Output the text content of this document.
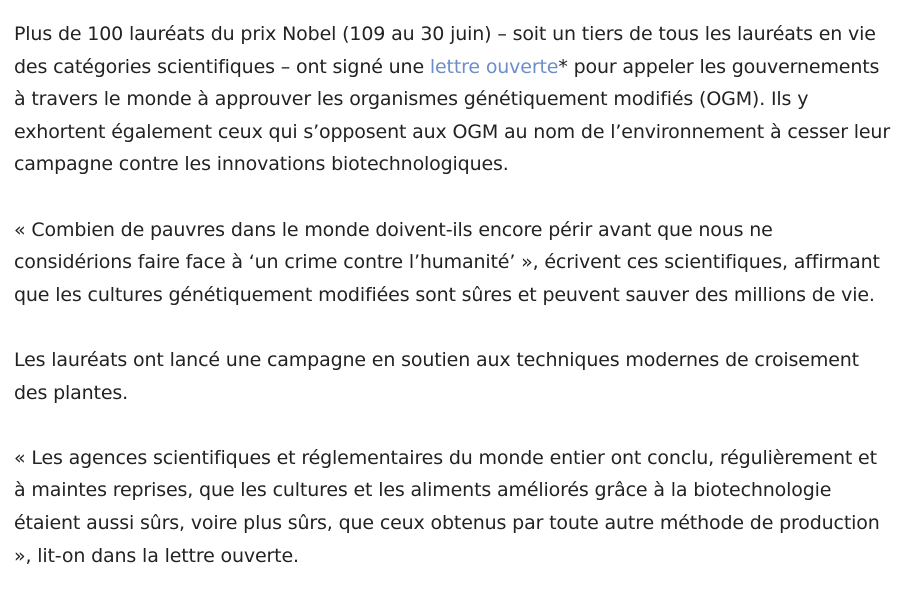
Plus de 100 lauréats du prix Nobel (109 au 30 juin) – soit un tiers de tous les lauréats en vie des catégories scientifiques – ont signé une lettre ouverte* pour appeler les gouvernements à travers le monde à approuver les organismes génétiquement modifiés (OGM). Ils y exhortent également ceux qui s’opposent aux OGM au nom de l’environnement à cesser leur campagne contre les innovations biotechnologiques.

« Combien de pauvres dans le monde doivent-ils encore périr avant que nous ne considérions faire face à ‘un crime contre l’humanité’ », écrivent ces scientifiques, affirmant que les cultures génétiquement modifiées sont sûres et peuvent sauver des millions de vie.

Les lauréats ont lancé une campagne en soutien aux techniques modernes de croisement des plantes.

« Les agences scientifiques et réglementaires du monde entier ont conclu, régulièrement et à maintes reprises, que les cultures et les aliments améliorés grâce à la biotechnologie étaient aussi sûrs, voire plus sûrs, que ceux obtenus par toute autre méthode de production », lit-on dans la lettre ouverte.
